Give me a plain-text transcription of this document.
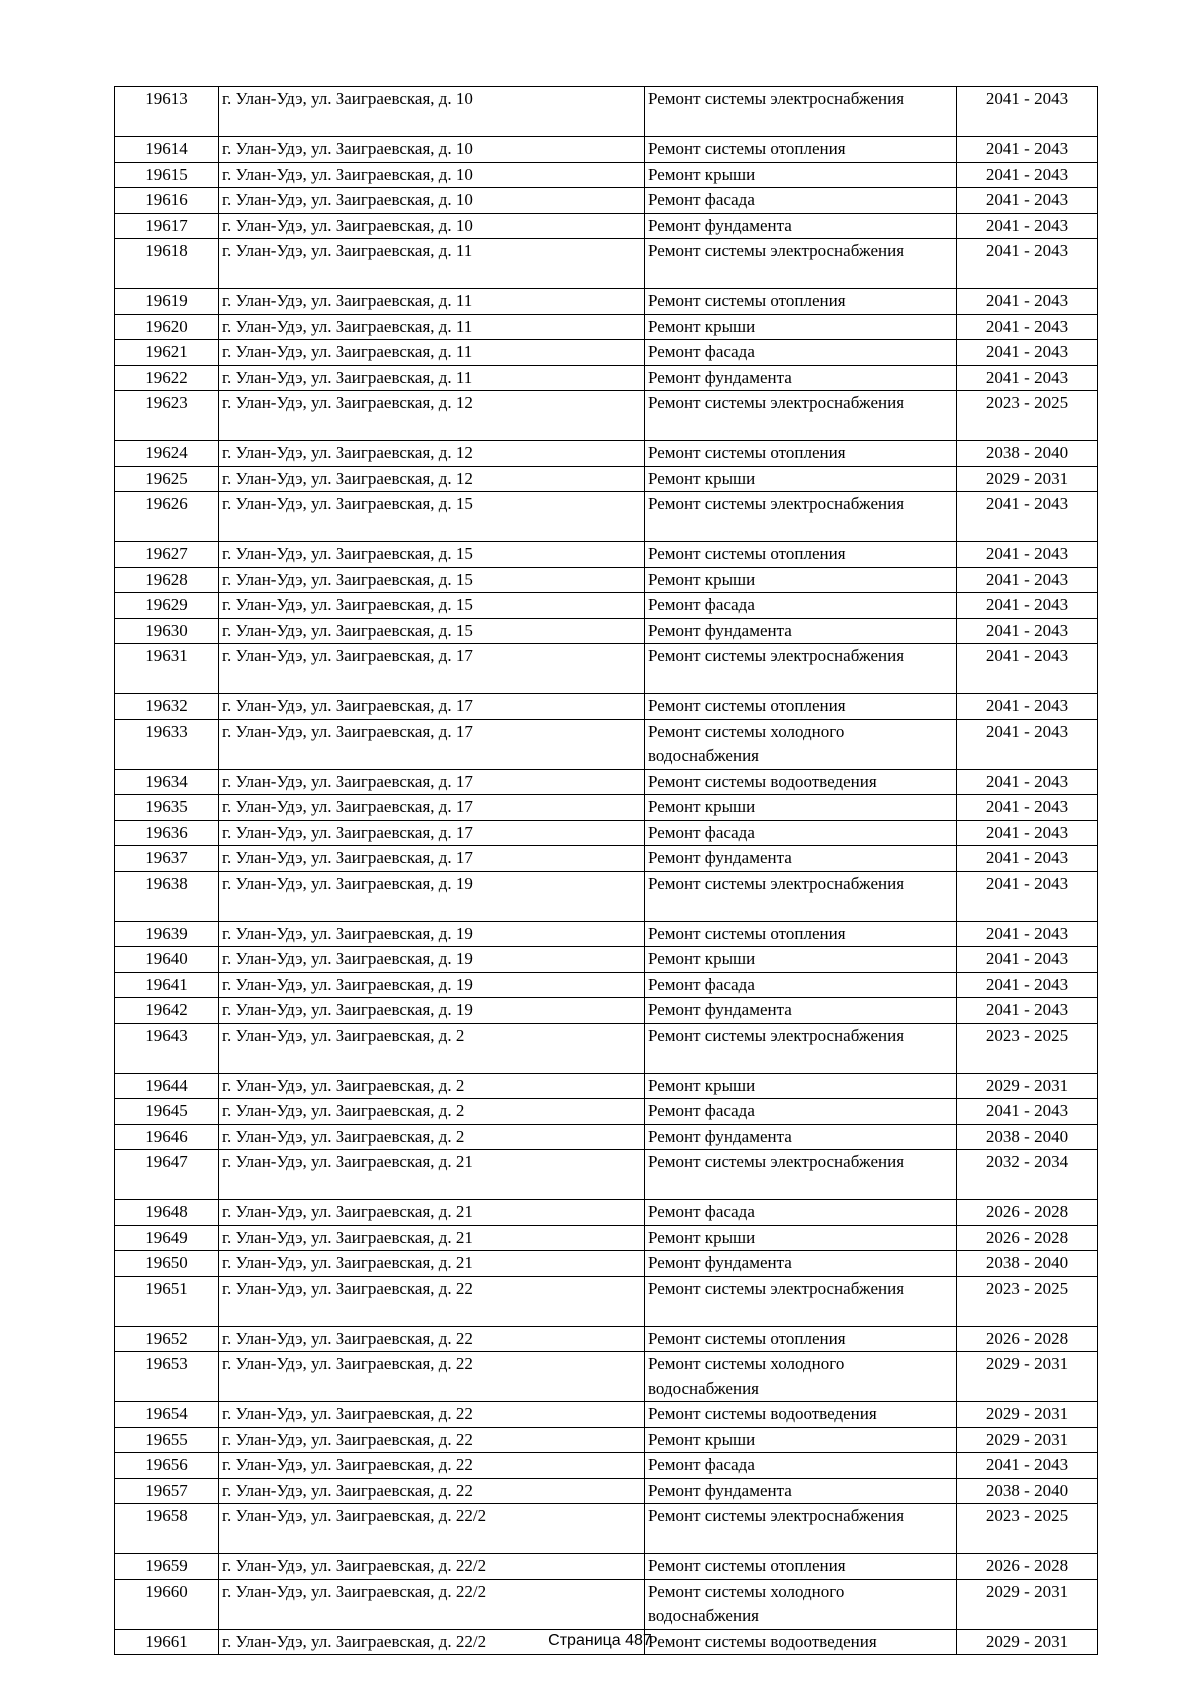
19613	г. Улан-Удэ, ул. Заиграевская, д. 10	Ремонт системы электроснабжения	2041 - 2043
19614	г. Улан-Удэ, ул. Заиграевская, д. 10	Ремонт системы отопления	2041 - 2043
19615	г. Улан-Удэ, ул. Заиграевская, д. 10	Ремонт крыши	2041 - 2043
19616	г. Улан-Удэ, ул. Заиграевская, д. 10	Ремонт фасада	2041 - 2043
19617	г. Улан-Удэ, ул. Заиграевская, д. 10	Ремонт фундамента	2041 - 2043
19618	г. Улан-Удэ, ул. Заиграевская, д. 11	Ремонт системы электроснабжения	2041 - 2043
19619	г. Улан-Удэ, ул. Заиграевская, д. 11	Ремонт системы отопления	2041 - 2043
19620	г. Улан-Удэ, ул. Заиграевская, д. 11	Ремонт крыши	2041 - 2043
19621	г. Улан-Удэ, ул. Заиграевская, д. 11	Ремонт фасада	2041 - 2043
19622	г. Улан-Удэ, ул. Заиграевская, д. 11	Ремонт фундамента	2041 - 2043
19623	г. Улан-Удэ, ул. Заиграевская, д. 12	Ремонт системы электроснабжения	2023 - 2025
19624	г. Улан-Удэ, ул. Заиграевская, д. 12	Ремонт системы отопления	2038 - 2040
19625	г. Улан-Удэ, ул. Заиграевская, д. 12	Ремонт крыши	2029 - 2031
19626	г. Улан-Удэ, ул. Заиграевская, д. 15	Ремонт системы электроснабжения	2041 - 2043
19627	г. Улан-Удэ, ул. Заиграевская, д. 15	Ремонт системы отопления	2041 - 2043
19628	г. Улан-Удэ, ул. Заиграевская, д. 15	Ремонт крыши	2041 - 2043
19629	г. Улан-Удэ, ул. Заиграевская, д. 15	Ремонт фасада	2041 - 2043
19630	г. Улан-Удэ, ул. Заиграевская, д. 15	Ремонт фундамента	2041 - 2043
19631	г. Улан-Удэ, ул. Заиграевская, д. 17	Ремонт системы электроснабжения	2041 - 2043
19632	г. Улан-Удэ, ул. Заиграевская, д. 17	Ремонт системы отопления	2041 - 2043
19633	г. Улан-Удэ, ул. Заиграевская, д. 17	Ремонт системы холодного водоснабжения	2041 - 2043
19634	г. Улан-Удэ, ул. Заиграевская, д. 17	Ремонт системы водоотведения	2041 - 2043
19635	г. Улан-Удэ, ул. Заиграевская, д. 17	Ремонт крыши	2041 - 2043
19636	г. Улан-Удэ, ул. Заиграевская, д. 17	Ремонт фасада	2041 - 2043
19637	г. Улан-Удэ, ул. Заиграевская, д. 17	Ремонт фундамента	2041 - 2043
19638	г. Улан-Удэ, ул. Заиграевская, д. 19	Ремонт системы электроснабжения	2041 - 2043
19639	г. Улан-Удэ, ул. Заиграевская, д. 19	Ремонт системы отопления	2041 - 2043
19640	г. Улан-Удэ, ул. Заиграевская, д. 19	Ремонт крыши	2041 - 2043
19641	г. Улан-Удэ, ул. Заиграевская, д. 19	Ремонт фасада	2041 - 2043
19642	г. Улан-Удэ, ул. Заиграевская, д. 19	Ремонт фундамента	2041 - 2043
19643	г. Улан-Удэ, ул. Заиграевская, д. 2	Ремонт системы электроснабжения	2023 - 2025
19644	г. Улан-Удэ, ул. Заиграевская, д. 2	Ремонт крыши	2029 - 2031
19645	г. Улан-Удэ, ул. Заиграевская, д. 2	Ремонт фасада	2041 - 2043
19646	г. Улан-Удэ, ул. Заиграевская, д. 2	Ремонт фундамента	2038 - 2040
19647	г. Улан-Удэ, ул. Заиграевская, д. 21	Ремонт системы электроснабжения	2032 - 2034
19648	г. Улан-Удэ, ул. Заиграевская, д. 21	Ремонт фасада	2026 - 2028
19649	г. Улан-Удэ, ул. Заиграевская, д. 21	Ремонт крыши	2026 - 2028
19650	г. Улан-Удэ, ул. Заиграевская, д. 21	Ремонт фундамента	2038 - 2040
19651	г. Улан-Удэ, ул. Заиграевская, д. 22	Ремонт системы электроснабжения	2023 - 2025
19652	г. Улан-Удэ, ул. Заиграевская, д. 22	Ремонт системы отопления	2026 - 2028
19653	г. Улан-Удэ, ул. Заиграевская, д. 22	Ремонт системы холодного водоснабжения	2029 - 2031
19654	г. Улан-Удэ, ул. Заиграевская, д. 22	Ремонт системы водоотведения	2029 - 2031
19655	г. Улан-Удэ, ул. Заиграевская, д. 22	Ремонт крыши	2029 - 2031
19656	г. Улан-Удэ, ул. Заиграевская, д. 22	Ремонт фасада	2041 - 2043
19657	г. Улан-Удэ, ул. Заиграевская, д. 22	Ремонт фундамента	2038 - 2040
19658	г. Улан-Удэ, ул. Заиграевская, д. 22/2	Ремонт системы электроснабжения	2023 - 2025
19659	г. Улан-Удэ, ул. Заиграевская, д. 22/2	Ремонт системы отопления	2026 - 2028
19660	г. Улан-Удэ, ул. Заиграевская, д. 22/2	Ремонт системы холодного водоснабжения	2029 - 2031
19661	г. Улан-Удэ, ул. Заиграевская, д. 22/2	Ремонт системы водоотведения	2029 - 2031
Страница 487
